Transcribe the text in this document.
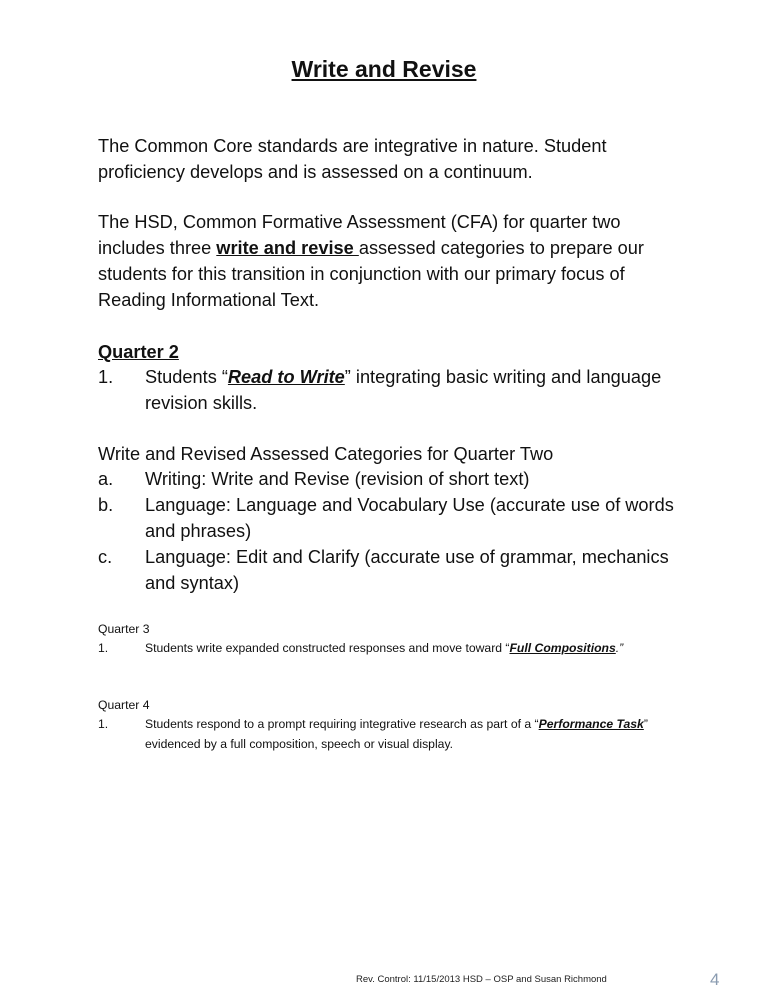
Write and Revise
The Common Core standards are integrative in nature. Student proficiency develops and is assessed on a continuum.
The HSD, Common Formative Assessment (CFA) for quarter two includes three write and revise assessed categories to prepare our students for this transition in conjunction with our primary focus of Reading Informational Text.
Quarter 2
1.	Students “Read to Write” integrating basic writing and language revision skills.
Write and Revised Assessed Categories for Quarter Two
a.	Writing: Write and Revise (revision of short text)
b.	Language: Language and Vocabulary Use (accurate use of words and phrases)
c.	Language: Edit and Clarify (accurate use of grammar, mechanics and syntax)
Quarter 3
1.	Students write expanded constructed responses and move toward “Full Compositions.”
Quarter 4
1.	Students respond to a prompt requiring integrative research as part of a “Performance Task” evidenced by a full composition, speech or visual display.
Rev. Control: 11/15/2013 HSD – OSP and Susan Richmond	4
